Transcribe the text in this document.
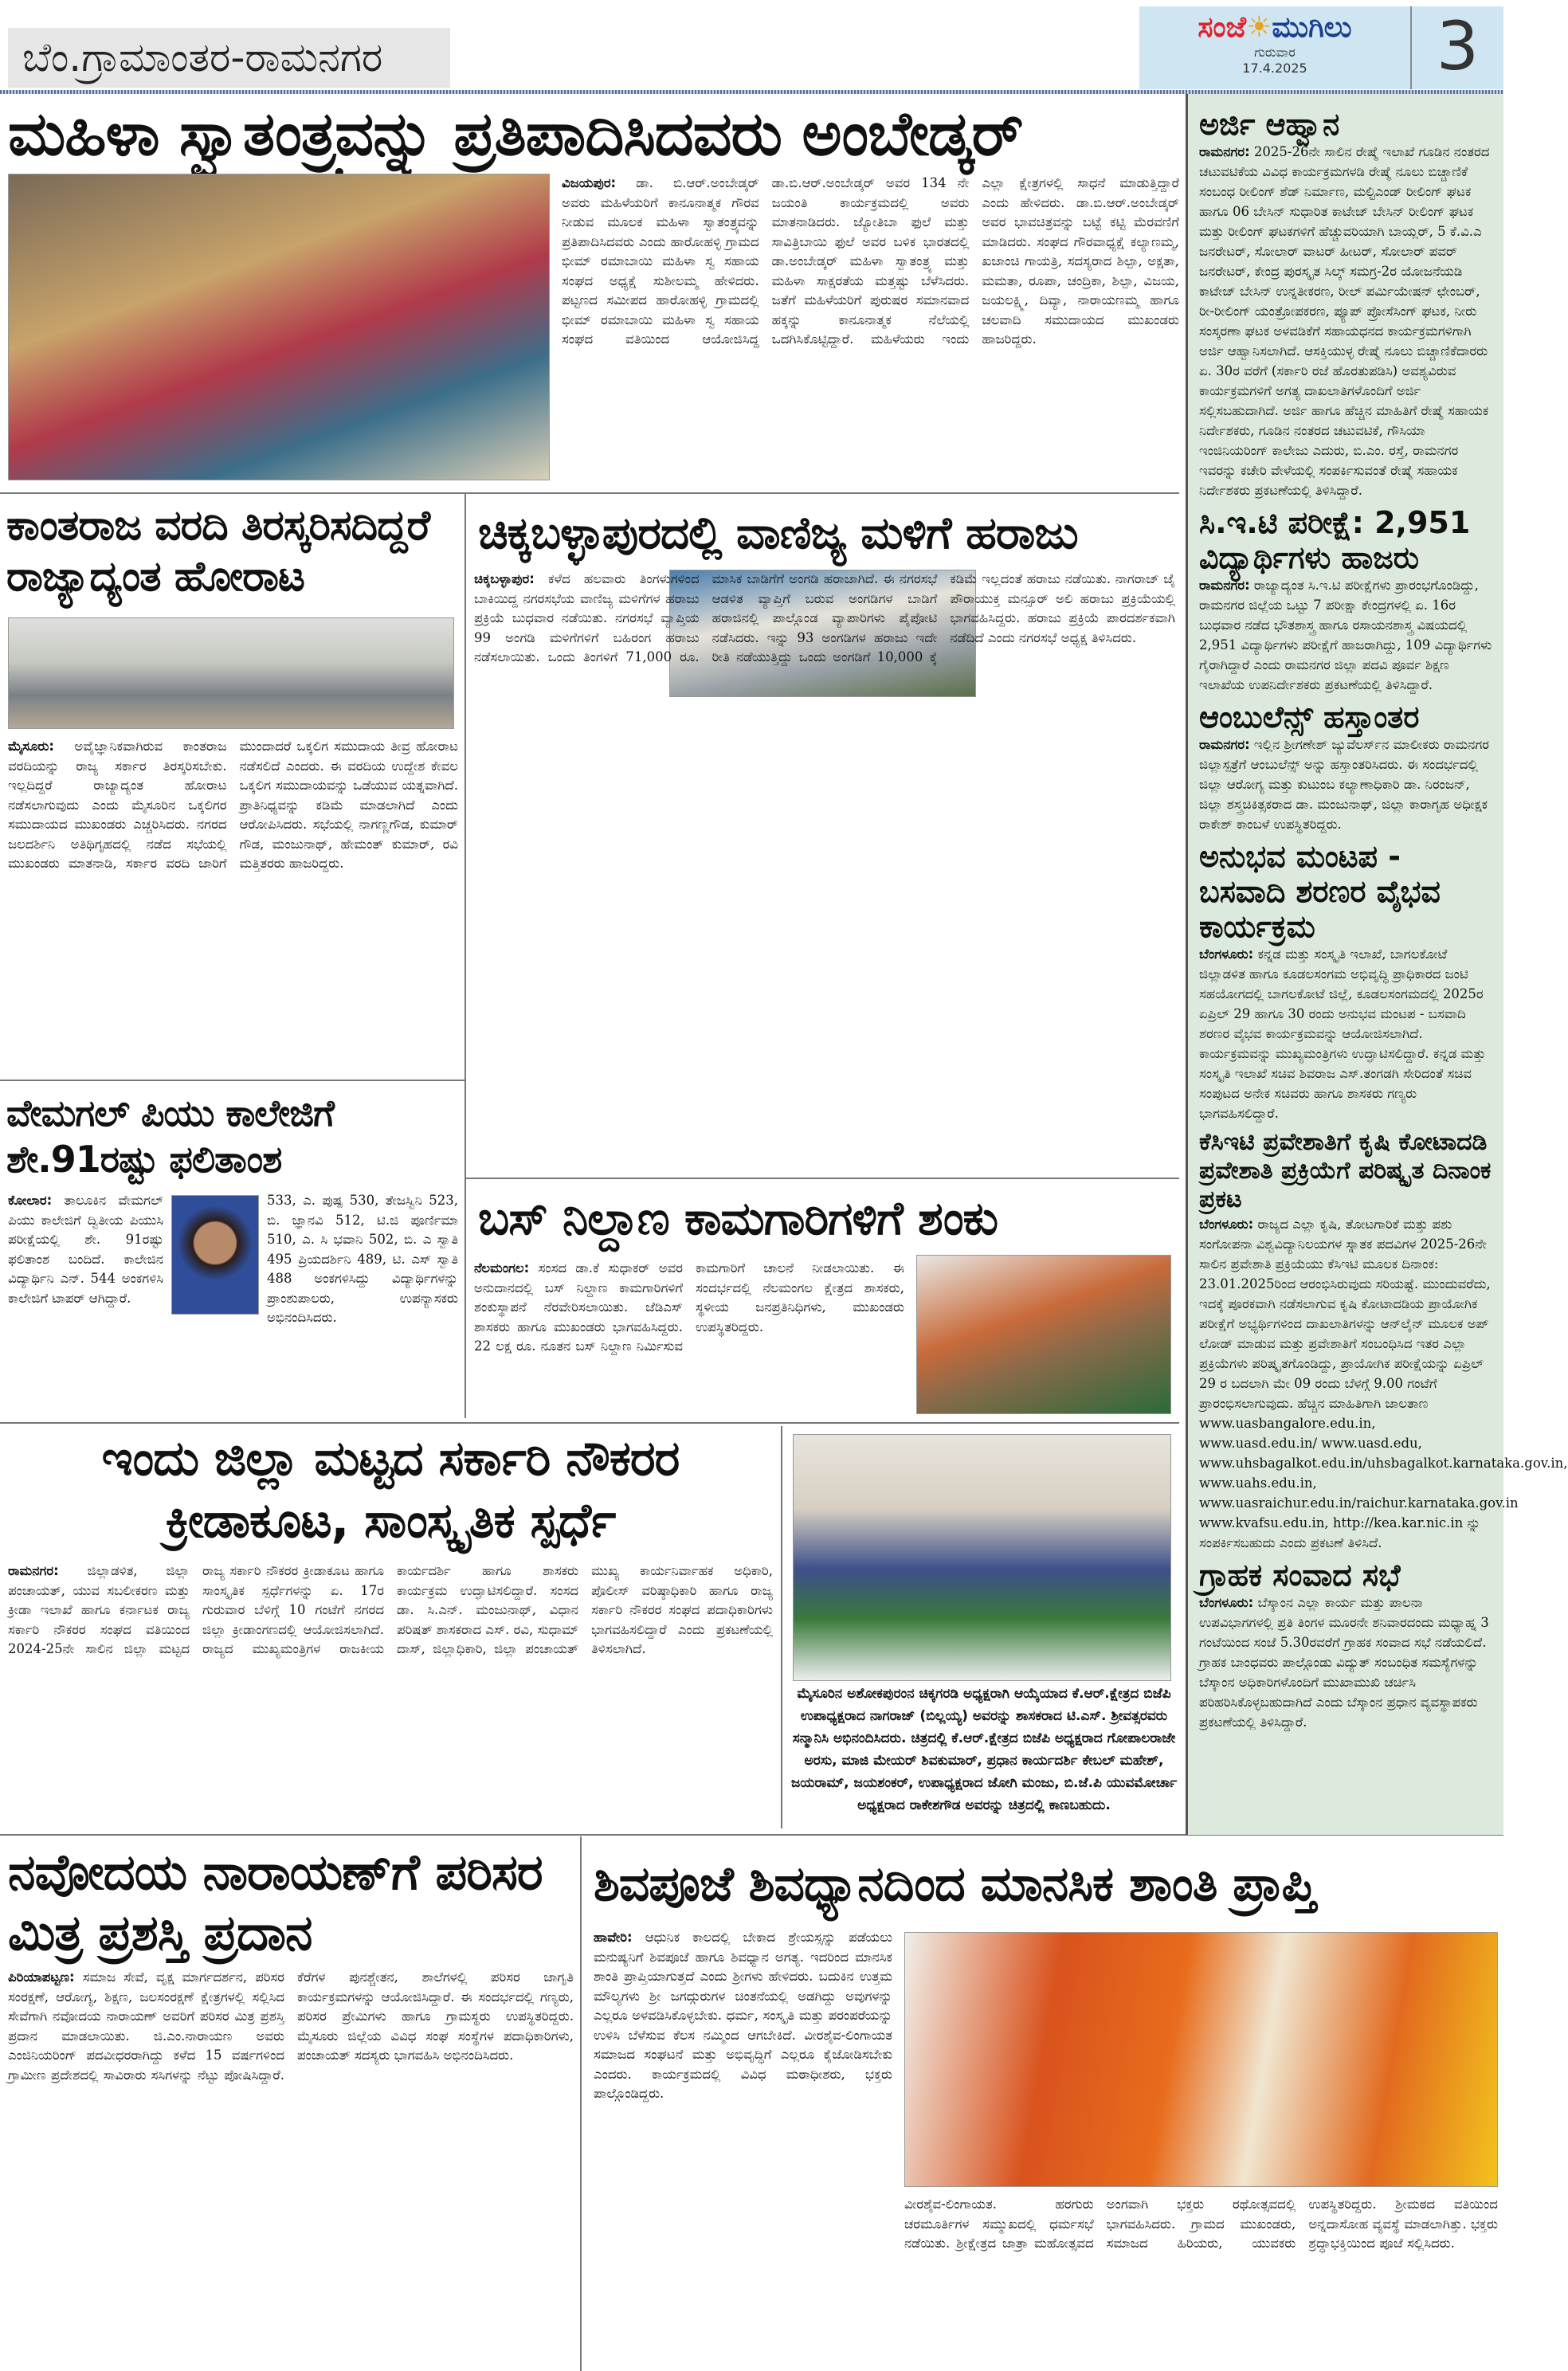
ಬೆಂ.ಗ್ರಾಮಾಂತರ-ರಾಮನಗರ
ಸಂಜೆ☀ಮುಗಿಲು
ಗುರುವಾರ
17.4.2025	3
ಮಹಿಳಾ ಸ್ವಾತಂತ್ರ್ಯವನ್ನು ಪ್ರತಿಪಾದಿಸಿದವರು ಅಂಬೇಡ್ಕರ್
ವಿಜಯಪುರ: ಡಾ. ಬಿ.ಆರ್.ಅಂಬೇಡ್ಕರ್ ಅವರು ಮಹಿಳೆಯರಿಗೆ ಕಾನೂನಾತ್ಮಕ ಗೌರವ ನೀಡುವ ಮೂಲಕ ಮಹಿಳಾ ಸ್ವಾತಂತ್ರ್ಯವನ್ನು ಪ್ರತಿಪಾದಿಸಿದವರು ಎಂದು ಹಾರೋಹಳ್ಳಿ ಗ್ರಾಮದ ಭೀಮ್ ರಮಾಬಾಯಿ ಮಹಿಳಾ ಸ್ವ ಸಹಾಯ ಸಂಘದ ಅಧ್ಯಕ್ಷೆ ಸುಶೀಲಮ್ಮ ಹೇಳಿದರು. ಪಟ್ಟಣದ ಸಮೀಪದ ಹಾರೋಹಳ್ಳಿ ಗ್ರಾಮದಲ್ಲಿ ಭೀಮ್ ರಮಾಬಾಯಿ ಮಹಿಳಾ ಸ್ವ ಸಹಾಯ ಸಂಘದ ವತಿಯಿಂದ ಆಯೋಜಿಸಿದ್ದ ಡಾ.ಬಿ.ಆರ್.ಅಂಬೇಡ್ಕರ್ ಅವರ 134 ನೇ ಜಯಂತಿ ಕಾರ್ಯಕ್ರಮದಲ್ಲಿ ಅವರು ಮಾತನಾಡಿದರು. ಜ್ಯೋತಿಬಾ ಫುಲೆ ಮತ್ತು ಸಾವಿತ್ರಿಬಾಯಿ ಫುಲೆ ಅವರ ಬಳಿಕ ಭಾರತದಲ್ಲಿ ಡಾ.ಅಂಬೇಡ್ಕರ್ ಮಹಿಳಾ ಸ್ವಾತಂತ್ರ್ಯ ಮತ್ತು ಮಹಿಳಾ ಸಾಕ್ಷರತೆಯ ಮತ್ತಷ್ಟು ಬೆಳೆಸಿದರು. ಜತೆಗೆ ಮಹಿಳೆಯರಿಗೆ ಪುರುಷರ ಸಮಾನವಾದ ಹಕ್ಕನ್ನು ಕಾನೂನಾತ್ಮಕ ನೆಲೆಯಲ್ಲಿ ಒದಗಿಸಿಕೊಟ್ಟಿದ್ದಾರೆ. ಮಹಿಳೆಯರು ಇಂದು ಎಲ್ಲಾ ಕ್ಷೇತ್ರಗಳಲ್ಲಿ ಸಾಧನೆ ಮಾಡುತ್ತಿದ್ದಾರೆ ಎಂದು ಹೇಳಿದರು. ಡಾ.ಬಿ.ಆರ್.ಅಂಬೇಡ್ಕರ್ ಅವರ ಭಾವಚಿತ್ರವನ್ನು ಬಟ್ಟೆ ಕಟ್ಟಿ ಮೆರವಣಿಗೆ ಮಾಡಿದರು. ಸಂಘದ ಗೌರವಾಧ್ಯಕ್ಷೆ ಕಲ್ಯಾಣಮ್ಮ, ಖಜಾಂಚಿ ಗಾಯತ್ರಿ, ಸದಸ್ಯರಾದ ಶಿಲ್ಪಾ, ಅಕ್ಷತಾ, ಮಮತಾ, ರೂಪಾ, ಚಂದ್ರಿಕಾ, ಶಿಲ್ಪಾ, ವಿಜಯ, ಜಯಲಕ್ಷ್ಮಿ, ದಿವ್ಯಾ, ನಾರಾಯಣಮ್ಮ ಹಾಗೂ ಚಲವಾದಿ ಸಮುದಾಯದ ಮುಖಂಡರು ಹಾಜರಿದ್ದರು.
ಕಾಂತರಾಜ ವರದಿ ತಿರಸ್ಕರಿಸದಿದ್ದರೆ ರಾಜ್ಯಾದ್ಯಂತ ಹೋರಾಟ
ಮೈಸೂರು: ಅವೈಜ್ಞಾನಿಕವಾಗಿರುವ ಕಾಂತರಾಜ ವರದಿಯನ್ನು ರಾಜ್ಯ ಸರ್ಕಾರ ತಿರಸ್ಕರಿಸಬೇಕು. ಇಲ್ಲದಿದ್ದರೆ ರಾಜ್ಯಾದ್ಯಂತ ಹೋರಾಟ ನಡೆಸಲಾಗುವುದು ಎಂದು ಮೈಸೂರಿನ ಒಕ್ಕಲಿಗರ ಸಮುದಾಯದ ಮುಖಂಡರು ಎಚ್ಚರಿಸಿದರು. ನಗರದ ಜಲದರ್ಶಿನಿ ಅತಿಥಿಗೃಹದಲ್ಲಿ ನಡೆದ ಸಭೆಯಲ್ಲಿ ಮುಖಂಡರು ಮಾತನಾಡಿ, ಸರ್ಕಾರ ವರದಿ ಜಾರಿಗೆ ಮುಂದಾದರೆ ಒಕ್ಕಲಿಗ ಸಮುದಾಯ ತೀವ್ರ ಹೋರಾಟ ನಡೆಸಲಿದೆ ಎಂದರು. ಈ ವರದಿಯ ಉದ್ದೇಶ ಕೇವಲ ಒಕ್ಕಲಿಗ ಸಮುದಾಯವನ್ನು ಒಡೆಯುವ ಯತ್ನವಾಗಿದೆ. ಪ್ರಾತಿನಿಧ್ಯವನ್ನು ಕಡಿಮೆ ಮಾಡಲಾಗಿದೆ ಎಂದು ಆರೋಪಿಸಿದರು. ಸಭೆಯಲ್ಲಿ ನಾಗಣ್ಣಗೌಡ, ಕುಮಾರ್ ಗೌಡ, ಮಂಜುನಾಥ್, ಹೇಮಂತ್ ಕುಮಾರ್, ರವಿ ಮತ್ತಿತರರು ಹಾಜರಿದ್ದರು.
ಚಿಕ್ಕಬಳ್ಳಾಪುರದಲ್ಲಿ ವಾಣಿಜ್ಯ ಮಳಿಗೆ ಹರಾಜು
ಚಿಕ್ಕಬಳ್ಳಾಪುರ: ಕಳೆದ ಹಲವಾರು ತಿಂಗಳುಗಳಿಂದ ಬಾಕಿಯಿದ್ದ ನಗರಸಭೆಯ ವಾಣಿಜ್ಯ ಮಳಿಗೆಗಳ ಹರಾಜು ಪ್ರಕ್ರಿಯೆ ಬುಧವಾರ ನಡೆಯಿತು. ನಗರಸಭೆ ವ್ಯಾಪ್ತಿಯ 99 ಅಂಗಡಿ ಮಳಿಗೆಗಳಿಗೆ ಬಹಿರಂಗ ಹರಾಜು ನಡೆಸಲಾಯಿತು. ಒಂದು ತಿಂಗಳಿಗೆ 71,000 ರೂ. ಮಾಸಿಕ ಬಾಡಿಗೆಗೆ ಅಂಗಡಿ ಹರಾಜಾಗಿದೆ. ಈ ನಗರಸಭೆ ಆಡಳಿತ ವ್ಯಾಪ್ತಿಗೆ ಬರುವ ಅಂಗಡಿಗಳ ಬಾಡಿಗೆ ಹರಾಜಿನಲ್ಲಿ ಪಾಲ್ಗೊಂಡ ವ್ಯಾಪಾರಿಗಳು ಪೈಪೋಟಿ ನಡೆಸಿದರು. ಇನ್ನು 93 ಅಂಗಡಿಗಳ ಹರಾಜು ಇದೇ ರೀತಿ ನಡೆಯುತ್ತಿದ್ದು ಒಂದು ಅಂಗಡಿಗೆ 10,000 ಕ್ಕೆ ಕಡಿಮೆ ಇಲ್ಲದಂತೆ ಹರಾಜು ನಡೆಯಿತು. ನಾಗರಾಜ್ ಜೈ ಪೌರಾಯುಕ್ತ ಮನ್ಸೂರ್ ಅಲಿ ಹರಾಜು ಪ್ರಕ್ರಿಯೆಯಲ್ಲಿ ಭಾಗವಹಿಸಿದ್ದರು. ಹರಾಜು ಪ್ರಕ್ರಿಯೆ ಪಾರದರ್ಶಕವಾಗಿ ನಡೆದಿದೆ ಎಂದು ನಗರಸಭೆ ಅಧ್ಯಕ್ಷ ತಿಳಿಸಿದರು.
ವೇಮಗಲ್ ಪಿಯು ಕಾಲೇಜಿಗೆ ಶೇ.91ರಷ್ಟು ಫಲಿತಾಂಶ
ಕೋಲಾರ: ತಾಲೂಕಿನ ವೇಮಗಲ್ ಪಿಯು ಕಾಲೇಜಿಗೆ ದ್ವಿತೀಯ ಪಿಯುಸಿ ಪರೀಕ್ಷೆಯಲ್ಲಿ ಶೇ. 91ರಷ್ಟು ಫಲಿತಾಂಶ ಬಂದಿದೆ. ಕಾಲೇಜಿನ ವಿದ್ಯಾರ್ಥಿನಿ ಎನ್. 544 ಅಂಕಗಳಿಸಿ ಕಾಲೇಜಿಗೆ ಟಾಪರ್ ಆಗಿದ್ದಾರೆ.
533, ಎ. ಪುಷ್ಪ 530, ತೇಜಸ್ವಿನಿ 523, ಬಿ. ಜ್ಞಾನವಿ 512, ಟಿ.ಜಿ ಪೂರ್ಣಿಮಾ 510, ಎ. ಸಿ ಭವಾನಿ 502, ಬಿ. ಎ ಸ್ವಾತಿ 495 ಪ್ರಿಯದರ್ಶಿನಿ 489, ಟಿ. ಎಸ್ ಸ್ವಾತಿ 488 ಅಂಕಗಳಿಸಿದ್ದು ವಿದ್ಯಾರ್ಥಿಗಳನ್ನು ಪ್ರಾಂಶುಪಾಲರು, ಉಪನ್ಯಾಸಕರು ಅಭಿನಂದಿಸಿದರು.
ಬಸ್ ನಿಲ್ದಾಣ ಕಾಮಗಾರಿಗಳಿಗೆ ಶಂಕು
ನೆಲಮಂಗಲ: ಸಂಸದ ಡಾ.ಕೆ ಸುಧಾಕರ್ ಅವರ ಅನುದಾನದಲ್ಲಿ ಬಸ್ ನಿಲ್ದಾಣ ಕಾಮಗಾರಿಗಳಿಗೆ ಶಂಕುಸ್ಥಾಪನೆ ನೆರವೇರಿಸಲಾಯಿತು. ಜೆಡಿಎಸ್ ಶಾಸಕರು ಹಾಗೂ ಮುಖಂಡರು ಭಾಗವಹಿಸಿದ್ದರು. 22 ಲಕ್ಷ ರೂ. ನೂತನ ಬಸ್ ನಿಲ್ದಾಣ ನಿರ್ಮಿಸುವ ಕಾಮಗಾರಿಗೆ ಚಾಲನೆ ನೀಡಲಾಯಿತು. ಈ ಸಂದರ್ಭದಲ್ಲಿ ನೆಲಮಂಗಲ ಕ್ಷೇತ್ರದ ಶಾಸಕರು, ಸ್ಥಳೀಯ ಜನಪ್ರತಿನಿಧಿಗಳು, ಮುಖಂಡರು ಉಪಸ್ಥಿತರಿದ್ದರು.
ಇಂದು ಜಿಲ್ಲಾ ಮಟ್ಟದ ಸರ್ಕಾರಿ ನೌಕರರ ಕ್ರೀಡಾಕೂಟ, ಸಾಂಸ್ಕೃತಿಕ ಸ್ಪರ್ಧೆ
ರಾಮನಗರ: ಜಿಲ್ಲಾಡಳಿತ, ಜಿಲ್ಲಾ ಪಂಚಾಯತ್, ಯುವ ಸಬಲೀಕರಣ ಮತ್ತು ಕ್ರೀಡಾ ಇಲಾಖೆ ಹಾಗೂ ಕರ್ನಾಟಕ ರಾಜ್ಯ ಸರ್ಕಾರಿ ನೌಕರರ ಸಂಘದ ವತಿಯಿಂದ 2024-25ನೇ ಸಾಲಿನ ಜಿಲ್ಲಾ ಮಟ್ಟದ ರಾಜ್ಯ ಸರ್ಕಾರಿ ನೌಕರರ ಕ್ರೀಡಾಕೂಟ ಹಾಗೂ ಸಾಂಸ್ಕೃತಿಕ ಸ್ಪರ್ಧೆಗಳನ್ನು ಏ. 17ರ ಗುರುವಾರ ಬೆಳಿಗ್ಗೆ 10 ಗಂಟೆಗೆ ನಗರದ ಜಿಲ್ಲಾ ಕ್ರೀಡಾಂಗಣದಲ್ಲಿ ಆಯೋಜಿಸಲಾಗಿದೆ. ರಾಜ್ಯದ ಮುಖ್ಯಮಂತ್ರಿಗಳ ರಾಜಕೀಯ ಕಾರ್ಯದರ್ಶಿ ಹಾಗೂ ಶಾಸಕರು ಕಾರ್ಯಕ್ರಮ ಉದ್ಘಾಟಿಸಲಿದ್ದಾರೆ. ಸಂಸದ ಡಾ. ಸಿ.ಎನ್. ಮಂಜುನಾಥ್, ವಿಧಾನ ಪರಿಷತ್ ಶಾಸಕರಾದ ಎಸ್. ರವಿ, ಸುಧಾಮ್ ದಾಸ್, ಜಿಲ್ಲಾಧಿಕಾರಿ, ಜಿಲ್ಲಾ ಪಂಚಾಯತ್ ಮುಖ್ಯ ಕಾರ್ಯನಿರ್ವಾಹಕ ಅಧಿಕಾರಿ, ಪೊಲೀಸ್ ವರಿಷ್ಠಾಧಿಕಾರಿ ಹಾಗೂ ರಾಜ್ಯ ಸರ್ಕಾರಿ ನೌಕರರ ಸಂಘದ ಪದಾಧಿಕಾರಿಗಳು ಭಾಗವಹಿಸಲಿದ್ದಾರೆ ಎಂದು ಪ್ರಕಟಣೆಯಲ್ಲಿ ತಿಳಿಸಲಾಗಿದೆ.
ಮೈಸೂರಿನ ಅಶೋಕಪುರಂನ ಚಿಕ್ಕಗರಡಿ ಅಧ್ಯಕ್ಷರಾಗಿ ಆಯ್ಕೆಯಾದ ಕೆ.ಆರ್.ಕ್ಷೇತ್ರದ ಬಿಜೆಪಿ ಉಪಾಧ್ಯಕ್ಷರಾದ ನಾಗರಾಜ್ (ಬಿಲ್ಲಯ್ಯ) ಅವರನ್ನು ಶಾಸಕರಾದ ಟಿ.ಎಸ್. ಶ್ರೀವತ್ಸರವರು ಸನ್ಮಾನಿಸಿ ಅಭಿನಂದಿಸಿದರು. ಚಿತ್ರದಲ್ಲಿ ಕೆ.ಆರ್.ಕ್ಷೇತ್ರದ ಬಿಜೆಪಿ ಅಧ್ಯಕ್ಷರಾದ ಗೋಪಾಲರಾಜೇ ಅರಸು, ಮಾಜಿ ಮೇಯರ್ ಶಿವಕುಮಾರ್, ಪ್ರಧಾನ ಕಾರ್ಯದರ್ಶಿ ಕೇಬಲ್ ಮಹೇಶ್, ಜಯರಾಮ್, ಜಯಶಂಕರ್, ಉಪಾಧ್ಯಕ್ಷರಾದ ಜೋಗಿ ಮಂಜು, ಬಿ.ಜೆ.ಪಿ ಯುವಮೋರ್ಚಾ ಅಧ್ಯಕ್ಷರಾದ ರಾಕೇಶಗೌಡ ಅವರನ್ನು ಚಿತ್ರದಲ್ಲಿ ಕಾಣಬಹುದು.
ಅರ್ಜಿ ಆಹ್ವಾನ

ರಾಮನಗರ: 2025-26ನೇ ಸಾಲಿನ ರೇಷ್ಮೆ ಇಲಾಖೆ ಗೂಡಿನ ನಂತರದ ಚಟುವಟಿಕೆಯ ವಿವಿಧ ಕಾರ್ಯಕ್ರಮಗಳಡಿ ರೇಷ್ಮೆ ನೂಲು ಬಿಚ್ಚಾಣಿಕೆ ಸಂಬಂಧ ರೀಲಿಂಗ್ ಶೆಡ್ ನಿರ್ಮಾಣ, ಮಲ್ಟಿಎಂಡ್ ರೀಲಿಂಗ್ ಘಟಕ ಹಾಗೂ 06 ಬೇಸಿನ್ ಸುಧಾರಿತ ಕಾಟೇಜ್ ಬೇಸಿನ್ ರೀಲಿಂಗ್ ಘಟಕ ಮತ್ತು ರೀಲಿಂಗ್ ಘಟಕಗಳಿಗೆ ಹೆಚ್ಚುವರಿಯಾಗಿ ಬಾಯ್ಲರ್, 5 ಕೆ.ವಿ.ಎ ಜನರೇಟರ್, ಸೋಲಾರ್ ವಾಟರ್ ಹೀಟರ್, ಸೋಲಾರ್ ಪವರ್ ಜನರೇಟರ್, ಕೇಂದ್ರ ಪುರಸ್ಕೃತ ಸಿಲ್ಕ್ ಸಮಗ್ರ-2ರ ಯೋಜನೆಯಡಿ ಕಾಟೇಜ್ ಬೇಸಿನ್ ಉನ್ನತೀಕರಣ, ರೀಲ್ ಪರ್ಮಿಯೇಷನ್ ಛೇಂಬರ್, ರೀ-ರೀಲಿಂಗ್ ಯಂತ್ರೋಪಕರಣ, ಪ್ಯೂಪ್ ಪ್ರೋಸೆಸಿಂಗ್ ಘಟಕ, ನೀರು ಸಂಸ್ಕರಣಾ ಘಟಕ ಅಳವಡಿಕೆಗೆ ಸಹಾಯಧನದ ಕಾರ್ಯಕ್ರಮಗಳಿಗಾಗಿ ಅರ್ಜಿ ಆಹ್ವಾನಿಸಲಾಗಿದೆ. ಆಸಕ್ತಿಯುಳ್ಳ ರೇಷ್ಮೆ ನೂಲು ಬಿಚ್ಚಾಣಿಕೆದಾರರು ಏ. 30ರ ವರೆಗೆ (ಸರ್ಕಾರಿ ರಜೆ ಹೊರತುಪಡಿಸಿ) ಅವಶ್ಯವಿರುವ ಕಾರ್ಯಕ್ರಮಗಳಿಗೆ ಅಗತ್ಯ ದಾಖಲಾತಿಗಳೊಂದಿಗೆ ಅರ್ಜಿ ಸಲ್ಲಿಸಬಹುದಾಗಿದೆ. ಅರ್ಜಿ ಹಾಗೂ ಹೆಚ್ಚಿನ ಮಾಹಿತಿಗೆ ರೇಷ್ಮೆ ಸಹಾಯಕ ನಿರ್ದೇಶಕರು, ಗೂಡಿನ ನಂತರದ ಚಟುವಟಿಕೆ, ಗೌಸಿಯಾ ಇಂಜಿನಿಯರಿಂಗ್ ಕಾಲೇಜು ಎದುರು, ಬಿ.ಎಂ. ರಸ್ತೆ, ರಾಮನಗರ ಇವರನ್ನು ಕಚೇರಿ ವೇಳೆಯಲ್ಲಿ ಸಂಪರ್ಕಿಸುವಂತೆ ರೇಷ್ಮೆ ಸಹಾಯಕ ನಿರ್ದೇಶಕರು ಪ್ರಕಟಣೆಯಲ್ಲಿ ತಿಳಿಸಿದ್ದಾರೆ.

ಸಿ.ಇ.ಟಿ ಪರೀಕ್ಷೆ: 2,951 ವಿದ್ಯಾರ್ಥಿಗಳು ಹಾಜರು

ರಾಮನಗರ: ರಾಜ್ಯಾದ್ಯಂತ ಸಿ.ಇ.ಟಿ ಪರೀಕ್ಷೆಗಳು ಪ್ರಾರಂಭಗೊಂಡಿದ್ದು, ರಾಮನಗರ ಜಿಲ್ಲೆಯ ಒಟ್ಟು 7 ಪರೀಕ್ಷಾ ಕೇಂದ್ರಗಳಲ್ಲಿ ಏ. 16ರ ಬುಧವಾರ ನಡೆದ ಭೌತಶಾಸ್ತ್ರ ಹಾಗೂ ರಸಾಯನಶಾಸ್ತ್ರ ವಿಷಯದಲ್ಲಿ 2,951 ವಿದ್ಯಾರ್ಥಿಗಳು ಪರೀಕ್ಷೆಗೆ ಹಾಜರಾಗಿದ್ದು, 109 ವಿದ್ಯಾರ್ಥಿಗಳು ಗೈರಾಗಿದ್ದಾರೆ ಎಂದು ರಾಮನಗರ ಜಿಲ್ಲಾ ಪದವಿ ಪೂರ್ವ ಶಿಕ್ಷಣ ಇಲಾಖೆಯ ಉಪನಿರ್ದೇಶಕರು ಪ್ರಕಟಣೆಯಲ್ಲಿ ತಿಳಿಸಿದ್ದಾರೆ.

ಆಂಬುಲೆನ್ಸ್ ಹಸ್ತಾಂತರ

ರಾಮನಗರ: ಇಲ್ಲಿನ ಶ್ರೀಗಣೇಶ್ ಜ್ಯುವೆಲರ್ಸ್‌ನ ಮಾಲೀಕರು ರಾಮನಗರ ಜಿಲ್ಲಾಸ್ಪತ್ರೆಗೆ ಆಂಬುಲೆನ್ಸ್ ಅನ್ನು ಹಸ್ತಾಂತರಿಸಿದರು. ಈ ಸಂದರ್ಭದಲ್ಲಿ ಜಿಲ್ಲಾ ಆರೋಗ್ಯ ಮತ್ತು ಕುಟುಂಬ ಕಲ್ಯಾಣಾಧಿಕಾರಿ ಡಾ. ನಿರಂಜನ್, ಜಿಲ್ಲಾ ಶಸ್ತ್ರಚಿಕಿತ್ಸಕರಾದ ಡಾ. ಮಂಜುನಾಥ್, ಜಿಲ್ಲಾ ಕಾರಾಗೃಹ ಅಧೀಕ್ಷಕ ರಾಕೇಶ್ ಕಾಂಬಳೆ ಉಪಸ್ಥಿತರಿದ್ದರು.

ಅನುಭವ ಮಂಟಪ - ಬಸವಾದಿ ಶರಣರ ವೈಭವ ಕಾರ್ಯಕ್ರಮ

ಬೆಂಗಳೂರು: ಕನ್ನಡ ಮತ್ತು ಸಂಸ್ಕೃತಿ ಇಲಾಖೆ, ಬಾಗಲಕೋಟೆ ಜಿಲ್ಲಾಡಳಿತ ಹಾಗೂ ಕೂಡಲಸಂಗಮ ಅಭಿವೃದ್ಧಿ ಪ್ರಾಧಿಕಾರದ ಜಂಟಿ ಸಹಯೋಗದಲ್ಲಿ ಬಾಗಲಕೋಟೆ ಜಿಲ್ಲೆ, ಕೂಡಲಸಂಗಮದಲ್ಲಿ 2025ರ ಏಪ್ರಿಲ್ 29 ಹಾಗೂ 30 ರಂದು ಅನುಭವ ಮಂಟಪ - ಬಸವಾದಿ ಶರಣರ ವೈಭವ ಕಾರ್ಯಕ್ರಮವನ್ನು ಆಯೋಜಿಸಲಾಗಿದೆ. ಕಾರ್ಯಕ್ರಮವನ್ನು ಮುಖ್ಯಮಂತ್ರಿಗಳು ಉದ್ಘಾಟಿಸಲಿದ್ದಾರೆ. ಕನ್ನಡ ಮತ್ತು ಸಂಸ್ಕೃತಿ ಇಲಾಖೆ ಸಚಿವ ಶಿವರಾಜ ಎಸ್.ತಂಗಡಗಿ ಸೇರಿದಂತೆ ಸಚಿವ ಸಂಪುಟದ ಅನೇಕ ಸಚಿವರು ಹಾಗೂ ಶಾಸಕರು ಗಣ್ಯರು ಭಾಗವಹಿಸಲಿದ್ದಾರೆ.

ಕೆಸಿಇಟಿ ಪ್ರವೇಶಾತಿಗೆ ಕೃಷಿ ಕೋಟಾದಡಿ ಪ್ರವೇಶಾತಿ ಪ್ರಕ್ರಿಯೆಗೆ ಪರಿಷ್ಕೃತ ದಿನಾಂಕ ಪ್ರಕಟ

ಬೆಂಗಳೂರು: ರಾಜ್ಯದ ಎಲ್ಲಾ ಕೃಷಿ, ತೋಟಗಾರಿಕೆ ಮತ್ತು ಪಶು ಸಂಗೋಪನಾ ವಿಶ್ವವಿದ್ಯಾನಿಲಯಗಳ ಸ್ನಾತಕ ಪದವಿಗಳ 2025-26ನೇ ಸಾಲಿನ ಪ್ರವೇಶಾತಿ ಪ್ರಕ್ರಿಯೆಯು ಕೆಸಿಇಟಿ ಮೂಲಕ ದಿನಾಂಕ: 23.01.2025ರಿಂದ ಆರಂಭಿಸಿರುವುದು ಸರಿಯಷ್ಟೆ. ಮುಂದುವರೆದು, ಇದಕ್ಕೆ ಪೂರಕವಾಗಿ ನಡೆಸಲಾಗುವ ಕೃಷಿ ಕೋಟಾದಡಿಯ ಪ್ರಾಯೋಗಿಕ ಪರೀಕ್ಷೆಗೆ ಅಭ್ಯರ್ಥಿಗಳಿಂದ ದಾಖಲಾತಿಗಳನ್ನು ಆನ್‌ಲೈನ್ ಮೂಲಕ ಅಪ್ ಲೋಡ್ ಮಾಡುವ ಮತ್ತು ಪ್ರವೇಶಾತಿಗೆ ಸಂಬಂಧಿಸಿದ ಇತರ ಎಲ್ಲಾ ಪ್ರಕ್ರಿಯೆಗಳು ಪರಿಷ್ಕೃತಗೊಂಡಿದ್ದು, ಪ್ರಾಯೋಗಿಕ ಪರೀಕ್ಷೆಯನ್ನು ಏಪ್ರಿಲ್ 29 ರ ಬದಲಾಗಿ ಮೇ 09 ರಂದು ಬೆಳಗ್ಗೆ 9.00 ಗಂಟೆಗೆ ಪ್ರಾರಂಭಿಸಲಾಗುವುದು. ಹೆಚ್ಚಿನ ಮಾಹಿತಿಗಾಗಿ ಜಾಲತಾಣ www.uasbangalore.edu.in, www.uasd.edu.in/ www.uasd.edu, www.uhsbagalkot.edu.in/uhsbagalkot.karnataka.gov.in, www.uahs.edu.in, www.uasraichur.edu.in/raichur.karnataka.gov.in www.kvafsu.edu.in, http://kea.kar.nic.in ನ್ನು ಸಂಪರ್ಕಿಸಬಹುದು ಎಂದು ಪ್ರಕಟಣೆ ತಿಳಿಸಿದೆ.

ಗ್ರಾಹಕ ಸಂವಾದ ಸಭೆ

ಬೆಂಗಳೂರು: ಬೆಸ್ಕಾಂನ ಎಲ್ಲಾ ಕಾರ್ಯ ಮತ್ತು ಪಾಲನಾ ಉಪವಿಭಾಗಗಳಲ್ಲಿ ಪ್ರತಿ ತಿಂಗಳ ಮೂರನೇ ಶನಿವಾರದಂದು ಮಧ್ಯಾಹ್ನ 3 ಗಂಟೆಯಿಂದ ಸಂಜೆ 5.30ರವರೆಗೆ ಗ್ರಾಹಕ ಸಂವಾದ ಸಭೆ ನಡೆಯಲಿದೆ. ಗ್ರಾಹಕ ಬಾಂಧವರು ಪಾಲ್ಗೊಂಡು ವಿದ್ಯುತ್ ಸಂಬಂಧಿತ ಸಮಸ್ಯೆಗಳನ್ನು ಬೆಸ್ಕಾಂನ ಅಧಿಕಾರಿಗಳೊಂದಿಗೆ ಮುಖಾಮುಖಿ ಚರ್ಚಿಸಿ ಪರಿಹರಿಸಿಕೊಳ್ಳಬಹುದಾಗಿದೆ ಎಂದು ಬೆಸ್ಕಾಂನ ಪ್ರಧಾನ ವ್ಯವಸ್ಥಾಪಕರು ಪ್ರಕಟಣೆಯಲ್ಲಿ ತಿಳಿಸಿದ್ದಾರೆ.

ನವೋದಯ ನಾರಾಯಣ್‌ಗೆ ಪರಿಸರ ಮಿತ್ರ ಪ್ರಶಸ್ತಿ ಪ್ರದಾನ
ಪಿರಿಯಾಪಟ್ಟಣ: ಸಮಾಜ ಸೇವೆ, ವೃಕ್ಷ ಮಾರ್ಗದರ್ಶನ, ಪರಿಸರ ಸಂರಕ್ಷಣೆ, ಆರೋಗ್ಯ, ಶಿಕ್ಷಣ, ಜಲಸಂರಕ್ಷಣೆ ಕ್ಷೇತ್ರಗಳಲ್ಲಿ ಸಲ್ಲಿಸಿದ ಸೇವೆಗಾಗಿ ನವೋದಯ ನಾರಾಯಣ್ ಅವರಿಗೆ ಪರಿಸರ ಮಿತ್ರ ಪ್ರಶಸ್ತಿ ಪ್ರದಾನ ಮಾಡಲಾಯಿತು. ಜಿ.ಎಂ.ನಾರಾಯಣ ಅವರು ಎಂಜಿನಿಯರಿಂಗ್ ಪದವೀಧರರಾಗಿದ್ದು ಕಳೆದ 15 ವರ್ಷಗಳಿಂದ ಗ್ರಾಮೀಣ ಪ್ರದೇಶದಲ್ಲಿ ಸಾವಿರಾರು ಸಸಿಗಳನ್ನು ನೆಟ್ಟು ಪೋಷಿಸಿದ್ದಾರೆ. ಕೆರೆಗಳ ಪುನಶ್ಚೇತನ, ಶಾಲೆಗಳಲ್ಲಿ ಪರಿಸರ ಜಾಗೃತಿ ಕಾರ್ಯಕ್ರಮಗಳನ್ನು ಆಯೋಜಿಸಿದ್ದಾರೆ. ಈ ಸಂದರ್ಭದಲ್ಲಿ ಗಣ್ಯರು, ಪರಿಸರ ಪ್ರೇಮಿಗಳು ಹಾಗೂ ಗ್ರಾಮಸ್ಥರು ಉಪಸ್ಥಿತರಿದ್ದರು. ಮೈಸೂರು ಜಿಲ್ಲೆಯ ವಿವಿಧ ಸಂಘ ಸಂಸ್ಥೆಗಳ ಪದಾಧಿಕಾರಿಗಳು, ಪಂಚಾಯತ್ ಸದಸ್ಯರು ಭಾಗವಹಿಸಿ ಅಭಿನಂದಿಸಿದರು.
ಶಿವಪೂಜೆ ಶಿವಧ್ಯಾನದಿಂದ ಮಾನಸಿಕ ಶಾಂತಿ ಪ್ರಾಪ್ತಿ
ಹಾವೇರಿ: ಆಧುನಿಕ ಕಾಲದಲ್ಲಿ ಬೇಕಾದ ಶ್ರೇಯಸ್ಸನ್ನು ಪಡೆಯಲು ಮನುಷ್ಯನಿಗೆ ಶಿವಪೂಜೆ ಹಾಗೂ ಶಿವಧ್ಯಾನ ಅಗತ್ಯ. ಇದರಿಂದ ಮಾನಸಿಕ ಶಾಂತಿ ಪ್ರಾಪ್ತಿಯಾಗುತ್ತದೆ ಎಂದು ಶ್ರೀಗಳು ಹೇಳಿದರು. ಬದುಕಿನ ಉತ್ತಮ ಮೌಲ್ಯಗಳು ಶ್ರೀ ಜಗದ್ಗುರುಗಳ ಚಿಂತನೆಯಲ್ಲಿ ಅಡಗಿದ್ದು ಅವುಗಳನ್ನು ಎಲ್ಲರೂ ಅಳವಡಿಸಿಕೊಳ್ಳಬೇಕು. ಧರ್ಮ, ಸಂಸ್ಕೃತಿ ಮತ್ತು ಪರಂಪರೆಯನ್ನು ಉಳಿಸಿ ಬೆಳೆಸುವ ಕೆಲಸ ನಮ್ಮಿಂದ ಆಗಬೇಕಿದೆ. ವೀರಶೈವ-ಲಿಂಗಾಯತ ಸಮಾಜದ ಸಂಘಟನೆ ಮತ್ತು ಅಭಿವೃದ್ಧಿಗೆ ಎಲ್ಲರೂ ಕೈಜೋಡಿಸಬೇಕು ಎಂದರು. ಕಾರ್ಯಕ್ರಮದಲ್ಲಿ ವಿವಿಧ ಮಠಾಧೀಶರು, ಭಕ್ತರು ಪಾಲ್ಗೊಂಡಿದ್ದರು.
ವೀರಶೈವ-ಲಿಂಗಾಯತ. ಹರಗುರು ಚರಮೂರ್ತಿಗಳ ಸಮ್ಮುಖದಲ್ಲಿ ಧರ್ಮಸಭೆ ನಡೆಯಿತು. ಶ್ರೀಕ್ಷೇತ್ರದ ಜಾತ್ರಾ ಮಹೋತ್ಸವದ ಅಂಗವಾಗಿ ಭಕ್ತರು ರಥೋತ್ಸವದಲ್ಲಿ ಭಾಗವಹಿಸಿದರು. ಗ್ರಾಮದ ಮುಖಂಡರು, ಸಮಾಜದ ಹಿರಿಯರು, ಯುವಕರು ಉಪಸ್ಥಿತರಿದ್ದರು. ಶ್ರೀಮಠದ ವತಿಯಿಂದ ಅನ್ನದಾಸೋಹ ವ್ಯವಸ್ಥೆ ಮಾಡಲಾಗಿತ್ತು. ಭಕ್ತರು ಶ್ರದ್ಧಾಭಕ್ತಿಯಿಂದ ಪೂಜೆ ಸಲ್ಲಿಸಿದರು.
